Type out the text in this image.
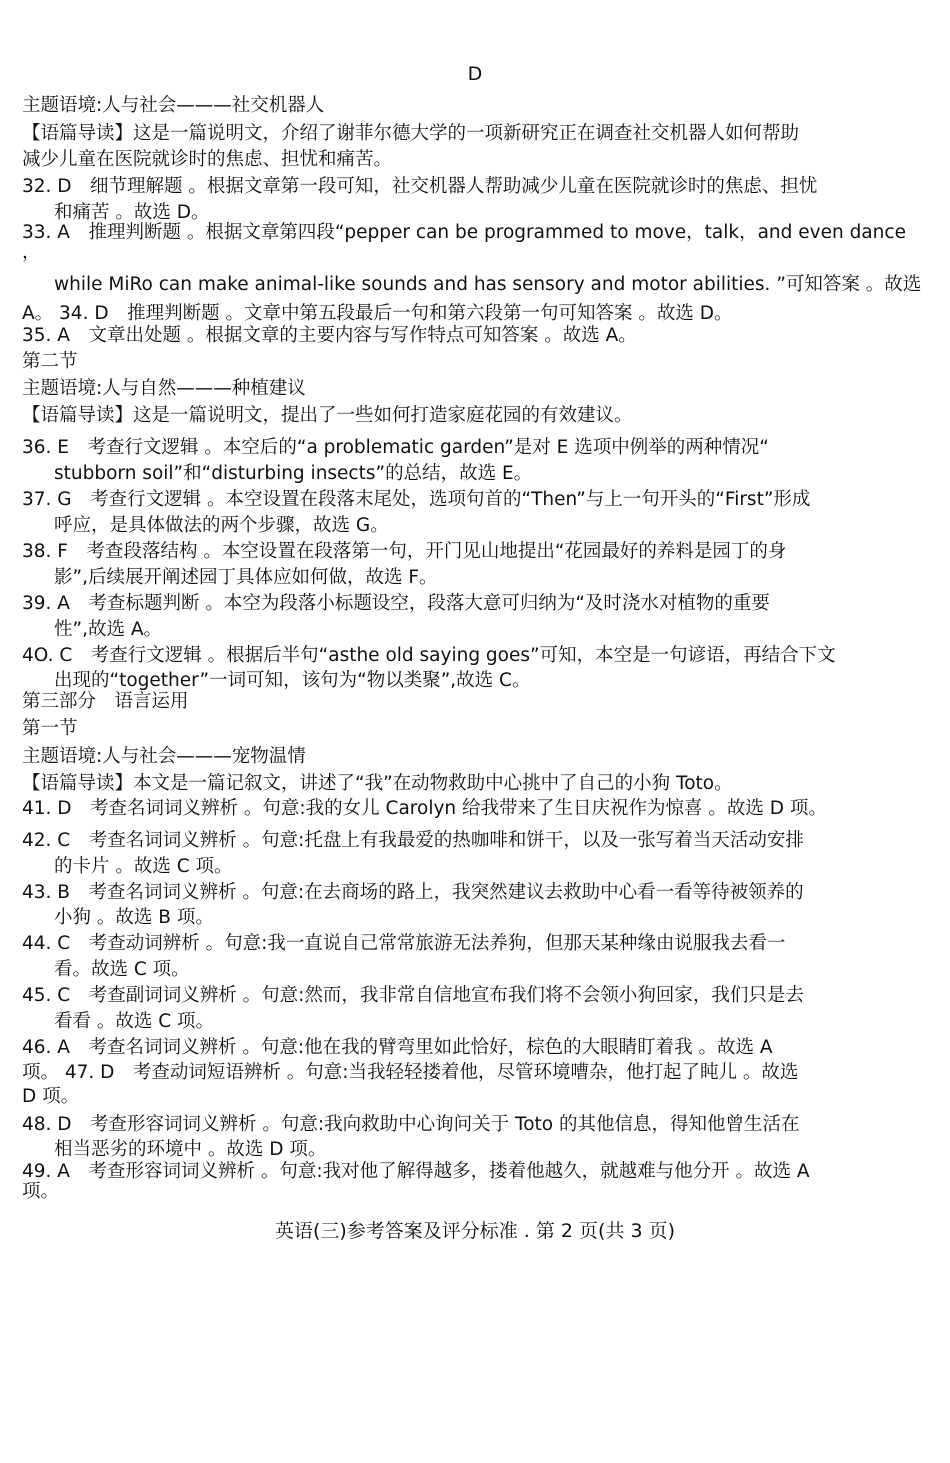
D
主题语境:人与社会———社交机器人
【语篇导读】这是一篇说明文，介绍了谢菲尔德大学的一项新研究正在调查社交机器人如何帮助
减少儿童在医院就诊时的焦虑、担忧和痛苦。
32. D　细节理解题 。根据文章第一段可知，社交机器人帮助减少儿童在医院就诊时的焦虑、担忧
和痛苦 。故选 D。
33. A　推理判断题 。根据文章第四段“pepper can be programmed to move，talk，and even dance
，
while MiRo can make animal-like sounds and has sensory and motor abilities. ”可知答案 。故选
A。 34. D　推理判断题 。文章中第五段最后一句和第六段第一句可知答案 。故选 D。
35. A　文章出处题 。根据文章的主要内容与写作特点可知答案 。故选 A。
第二节
主题语境:人与自然———种植建议
【语篇导读】这是一篇说明文，提出了一些如何打造家庭花园的有效建议。
36. E　考查行文逻辑 。本空后的“a problematic garden”是对 E 选项中例举的两种情况“
stubborn soil”和“disturbing insects”的总结，故选 E。
37. G　考查行文逻辑 。本空设置在段落末尾处，选项句首的“Then”与上一句开头的“First”形成
呼应，是具体做法的两个步骤，故选 G。
38. F　考查段落结构 。本空设置在段落第一句，开门见山地提出“花园最好的养料是园丁的身
影”,后续展开阐述园丁具体应如何做，故选 F。
39. A　考查标题判断 。本空为段落小标题设空，段落大意可归纳为“及时浇水对植物的重要
性”,故选 A。
4O. C　考查行文逻辑 。根据后半句“asthe old saying goes”可知，本空是一句谚语，再结合下文
出现的“together”一词可知，该句为“物以类聚”,故选 C。
第三部分　语言运用
第一节
主题语境:人与社会———宠物温情
【语篇导读】本文是一篇记叙文，讲述了“我”在动物救助中心挑中了自己的小狗 Toto。
41. D　考查名词词义辨析 。句意:我的女儿 Carolyn 给我带来了生日庆祝作为惊喜 。故选 D 项。
42. C　考查名词词义辨析 。句意:托盘上有我最爱的热咖啡和饼干，以及一张写着当天活动安排
的卡片 。故选 C 项。
43. B　考查名词词义辨析 。句意:在去商场的路上，我突然建议去救助中心看一看等待被领养的
小狗 。故选 B 项。
44. C　考查动词辨析 。句意:我一直说自己常常旅游无法养狗，但那天某种缘由说服我去看一
看。故选 C 项。
45. C　考查副词词义辨析 。句意:然而，我非常自信地宣布我们将不会领小狗回家，我们只是去
看看 。故选 C 项。
46. A　考查名词词义辨析 。句意:他在我的臂弯里如此恰好，棕色的大眼睛盯着我 。故选 A
项。 47. D　考查动词短语辨析 。句意:当我轻轻搂着他，尽管环境嘈杂，他打起了盹儿 。故选
D 项。
48. D　考查形容词词义辨析 。句意:我向救助中心询问关于 Toto 的其他信息，得知他曾生活在
相当恶劣的环境中 。故选 D 项。
49. A　考查形容词词义辨析 。句意:我对他了解得越多，搂着他越久，就越难与他分开 。故选 A
项。
英语(三)参考答案及评分标准 . 第 2 页(共 3 页)
